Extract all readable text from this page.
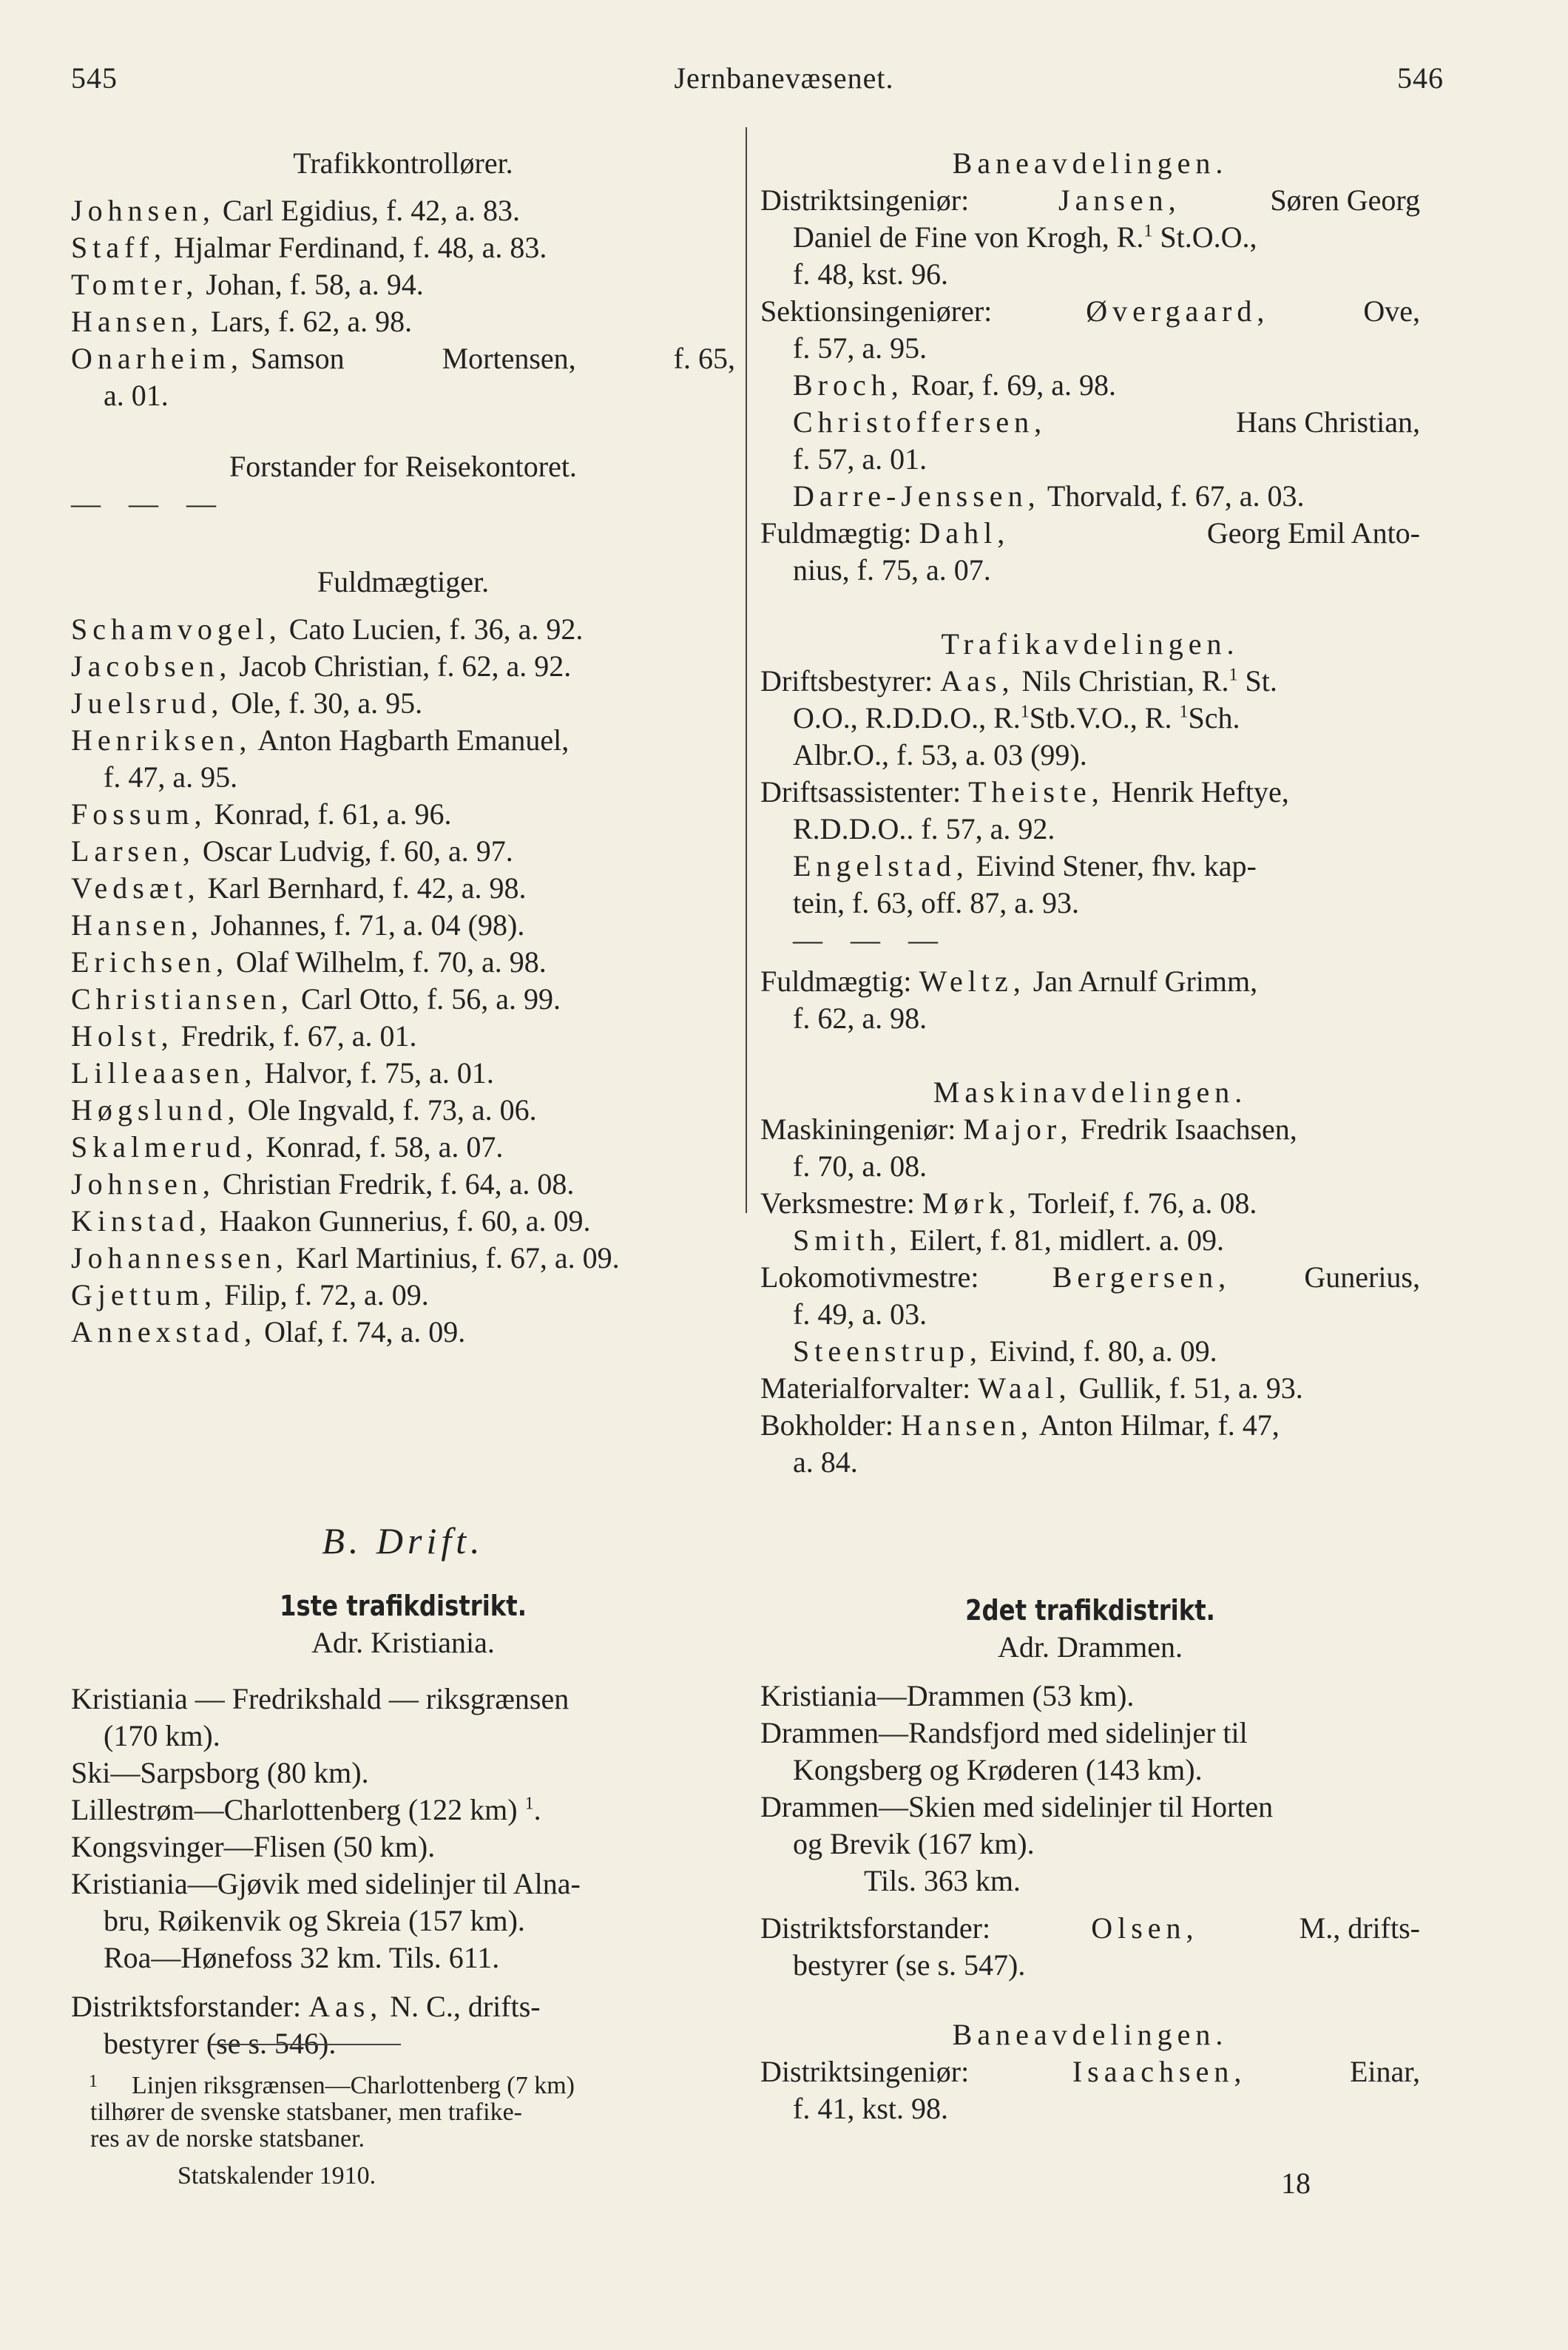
545	Jernbanevæsenet.	546
Trafikkontrollører.
Johnsen, Carl Egidius, f. 42, a. 83.
Staff, Hjalmar Ferdinand, f. 48, a. 83.
Tomter, Johan, f. 58, a. 94.
Hansen, Lars, f. 62, a. 98.
Onarheim, Samson	Mortensen,	f. 65,
a. 01.
Forstander for Reisekontoret.
— — —
Fuldmægtiger.
Schamvogel, Cato Lucien, f. 36, a. 92.
Jacobsen, Jacob Christian, f. 62, a. 92.
Juelsrud, Ole, f. 30, a. 95.
Henriksen, Anton Hagbarth Emanuel,
f. 47, a. 95.
Fossum, Konrad, f. 61, a. 96.
Larsen, Oscar Ludvig, f. 60, a. 97.
Vedsæt, Karl Bernhard, f. 42, a. 98.
Hansen, Johannes, f. 71, a. 04 (98).
Erichsen, Olaf Wilhelm, f. 70, a. 98.
Christiansen, Carl Otto, f. 56, a. 99.
Holst, Fredrik, f. 67, a. 01.
Lilleaasen, Halvor, f. 75, a. 01.
Høgslund, Ole Ingvald, f. 73, a. 06.
Skalmerud, Konrad, f. 58, a. 07.
Johnsen, Christian Fredrik, f. 64, a. 08.
Kinstad, Haakon Gunnerius, f. 60, a. 09.
Johannessen, Karl Martinius, f. 67, a. 09.
Gjettum, Filip, f. 72, a. 09.
Annexstad, Olaf, f. 74, a. 09.
B. Drift.
1ste trafikdistrikt.
Adr. Kristiania.
Kristiania — Fredrikshald — riksgrænsen
(170 km).
Ski—Sarpsborg (80 km).
Lillestrøm—Charlottenberg (122 km) $^1$.
Kongsvinger—Flisen (50 km).
Kristiania—Gjøvik med sidelinjer til Alna-
bru, Røikenvik og Skreia (157 km).
Roa—Hønefoss 32 km. Tils. 611.
Distriktsforstander: Aas, N. C., drifts-
bestyrer (se s. 546).
1 Linjen riksgrænsen—Charlottenberg (7 km)
tilhører de svenske statsbaner, men trafike-
res av de norske statsbaner.
Statskalender 1910.
Baneavdelingen.
Distriktsingeniør:	Jansen,	Søren Georg
Daniel de Fine von Krogh, R.$^1$ St.O.O.,
f. 48, kst. 96.
Sektionsingeniører:	Øvergaard,	Ove,
f. 57, a. 95.
Broch, Roar, f. 69, a. 98.
Christoffersen,	Hans Christian,
f. 57, a. 01.
Darre-Jenssen, Thorvald, f. 67, a. 03.
Fuldmægtig: Dahl,	Georg Emil Anto-
nius, f. 75, a. 07.
Trafikavdelingen.
Driftsbestyrer: Aas, Nils Christian, R.$^1$ St.
O.O., R.D.D.O., R.$^1$Stb.V.O., R. $^1$Sch.
Albr.O., f. 53, a. 03 (99).
Driftsassistenter: Theiste, Henrik Heftye,
R.D.D.O.. f. 57, a. 92.
Engelstad, Eivind Stener, fhv. kap-
tein, f. 63, off. 87, a. 93.
— — —
Fuldmægtig: Weltz, Jan Arnulf Grimm,
f. 62, a. 98.
Maskinavdelingen.
Maskiningeniør: Major, Fredrik Isaachsen,
f. 70, a. 08.
Verksmestre: Mørk, Torleif, f. 76, a. 08.
Smith, Eilert, f. 81, midlert. a. 09.
Lokomotivmestre: Bergersen, Gunerius,
f. 49, a. 03.
Steenstrup, Eivind, f. 80, a. 09.
Materialforvalter: Waal, Gullik, f. 51, a. 93.
Bokholder: Hansen, Anton Hilmar, f. 47,
a. 84.
2det trafikdistrikt.
Adr. Drammen.
Kristiania—Drammen (53 km).
Drammen—Randsfjord med sidelinjer til
Kongsberg og Krøderen (143 km).
Drammen—Skien med sidelinjer til Horten
og Brevik (167 km).
Tils. 363 km.
Distriktsforstander:	Olsen,	M., drifts-
bestyrer (se s. 547).
Baneavdelingen.
Distriktsingeniør:	Isaachsen,	Einar,
f. 41, kst. 98.
18
